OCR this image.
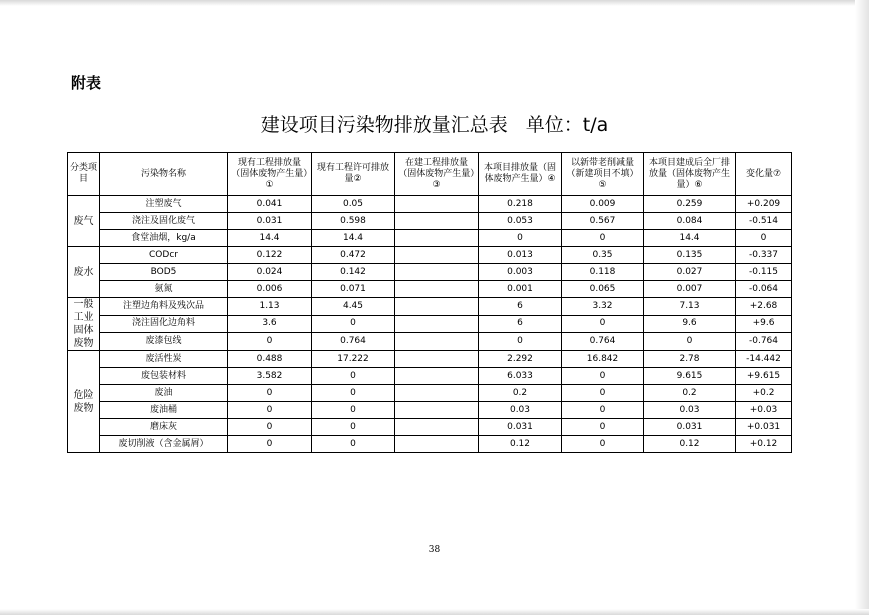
附表
建设项目污染物排放量汇总表 单位：t/a
分类项目	污染物名称	现有工程排放量（固体废物产生量）①	现有工程许可排放量②	在建工程排放量（固体废物产生量）③	本项目排放量（固体废物产生量）④	以新带老削减量（新建项目不填）⑤	本项目建成后全厂排放量（固体废物产生量）⑥	变化量⑦
废气	注塑废气	0.041	0.05		0.218	0.009	0.259	+0.209
	浇注及固化废气	0.031	0.598		0.053	0.567	0.084	-0.514
	食堂油烟，kg/a	14.4	14.4		0	0	14.4	0
废水	CODcr	0.122	0.472		0.013	0.35	0.135	-0.337
	BOD5	0.024	0.142		0.003	0.118	0.027	-0.115
	氨氮	0.006	0.071		0.001	0.065	0.007	-0.064
一般工业固体废物	注塑边角料及残次品	1.13	4.45		6	3.32	7.13	+2.68
	浇注固化边角料	3.6	0		6	0	9.6	+9.6
	废漆包线	0	0.764		0	0.764	0	-0.764
危险废物	废活性炭	0.488	17.222		2.292	16.842	2.78	-14.442
	废包装材料	3.582	0		6.033	0	9.615	+9.615
	废油	0	0		0.2	0	0.2	+0.2
	废油桶	0	0		0.03	0	0.03	+0.03
	磨床灰	0	0		0.031	0	0.031	+0.031
	废切削液（含金属屑）	0	0		0.12	0	0.12	+0.12
38
